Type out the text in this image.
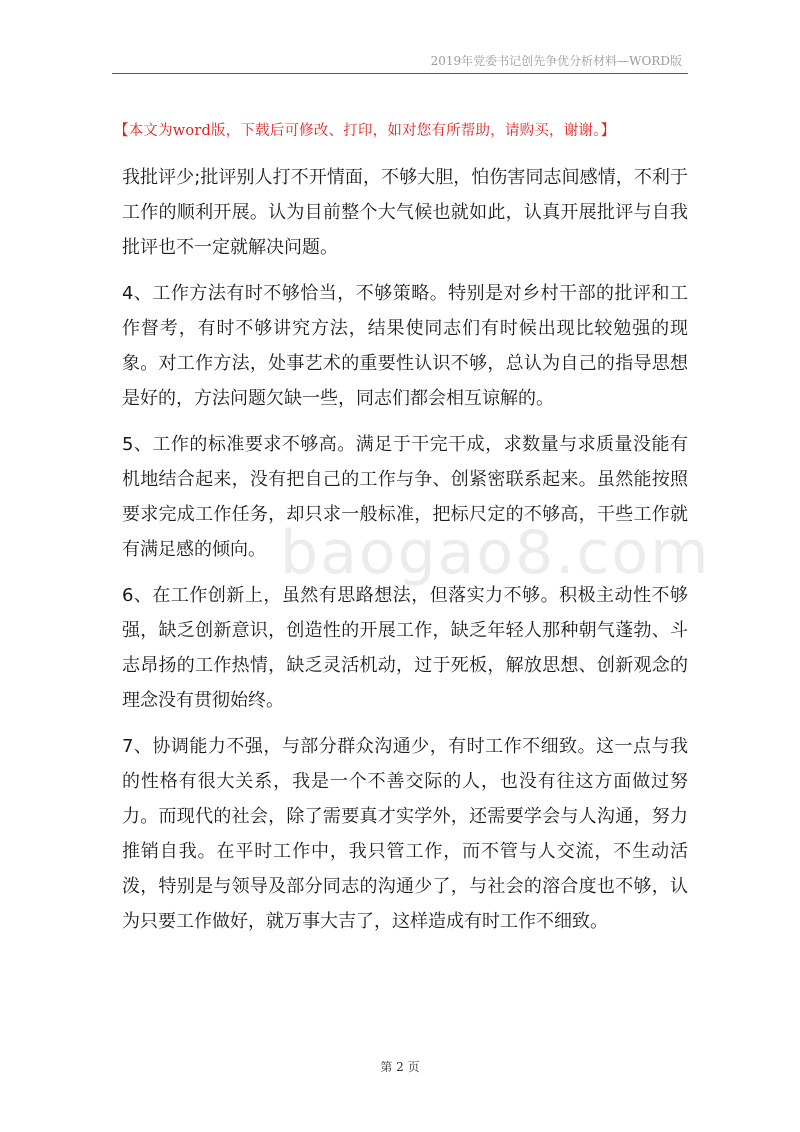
2019年党委书记创先争优分析材料—WORD版
【本文为word版，下载后可修改、打印，如对您有所帮助，请购买，谢谢。】
baogao8.com

我批评少;批评别人打不开情面，不够大胆，怕伤害同志间感情，不利于工作的顺利开展。认为目前整个大气候也就如此，认真开展批评与自我批评也不一定就解决问题。

4、工作方法有时不够恰当，不够策略。特别是对乡村干部的批评和工作督考，有时不够讲究方法，结果使同志们有时候出现比较勉强的现象。对工作方法，处事艺术的重要性认识不够，总认为自己的指导思想是好的，方法问题欠缺一些，同志们都会相互谅解的。

5、工作的标准要求不够高。满足于干完干成，求数量与求质量没能有机地结合起来，没有把自己的工作与争、创紧密联系起来。虽然能按照要求完成工作任务，却只求一般标准，把标尺定的不够高，干些工作就有满足感的倾向。

6、在工作创新上，虽然有思路想法，但落实力不够。积极主动性不够强，缺乏创新意识，创造性的开展工作，缺乏年轻人那种朝气蓬勃、斗志昂扬的工作热情，缺乏灵活机动，过于死板，解放思想、创新观念的理念没有贯彻始终。

7、协调能力不强，与部分群众沟通少，有时工作不细致。这一点与我的性格有很大关系，我是一个不善交际的人，也没有往这方面做过努力。而现代的社会，除了需要真才实学外，还需要学会与人沟通，努力推销自我。在平时工作中，我只管工作，而不管与人交流，不生动活泼，特别是与领导及部分同志的沟通少了，与社会的溶合度也不够，认为只要工作做好，就万事大吉了，这样造成有时工作不细致。

第 2 页
